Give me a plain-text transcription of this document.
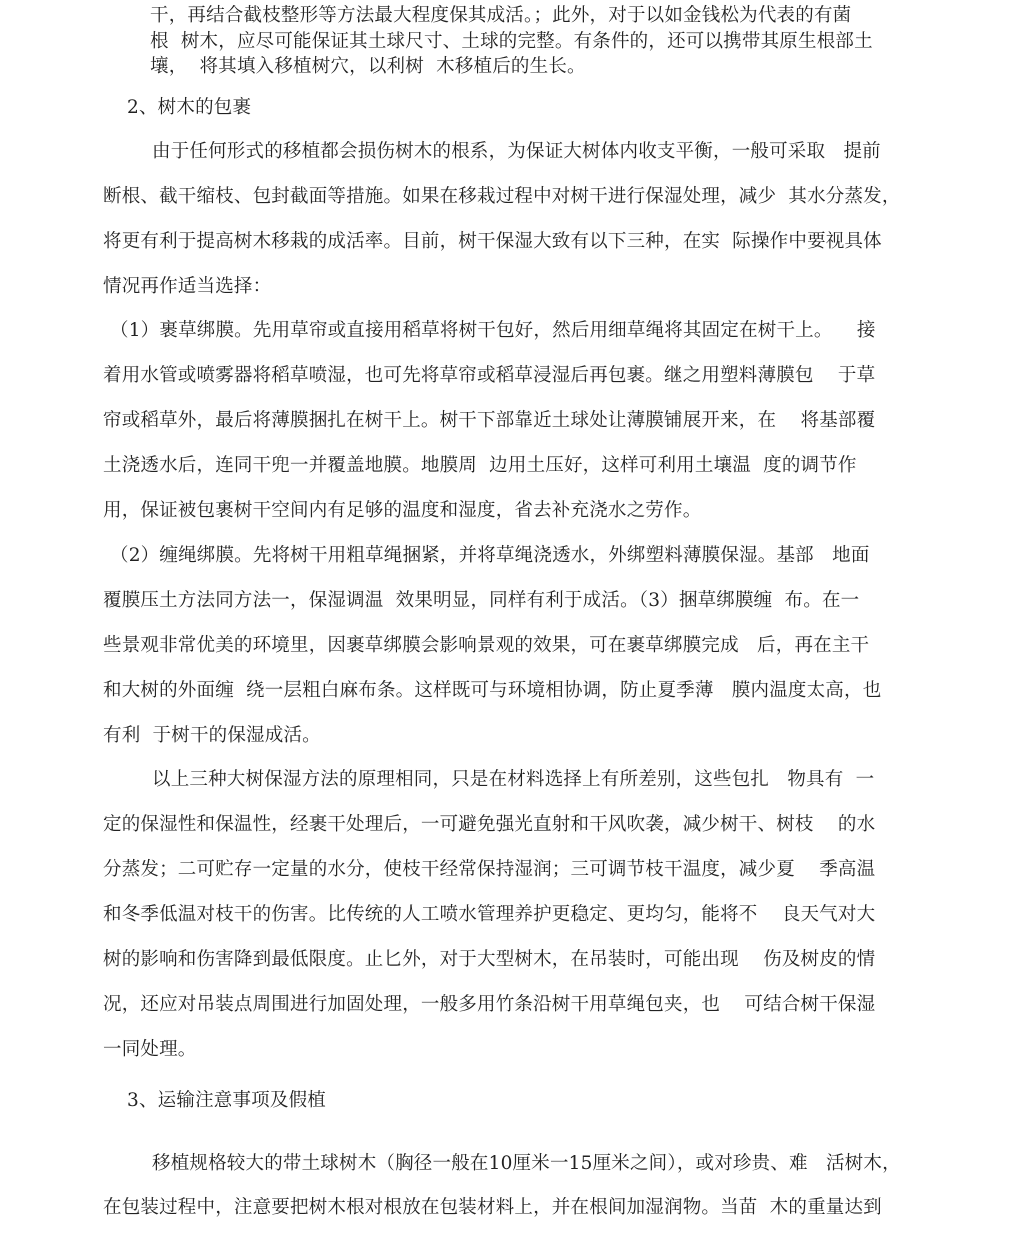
干，再结合截枝整形等方法最大程度保其成活。；此外，对于以如金钱松为代表的有菌
根  树木，应尽可能保证其土球尺寸、土球的完整。有条件的，还可以携带其原生根部土
壤，  将其填入移植树穴，以利树  木移植后的生长。
2、树木的包裹
由于任何形式的移植都会损伤树木的根系，为保证大树体内收支平衡，一般可采取   提前
断根、截干缩枝、包封截面等措施。如果在移栽过程中对树干进行保湿处理，减少  其水分蒸发，
将更有利于提高树木移栽的成活率。目前，树干保湿大致有以下三种，在实  际操作中要视具体
情况再作适当选择：
（1）裹草绑膜。先用草帘或直接用稻草将树干包好，然后用细草绳将其固定在树干上。    接
着用水管或喷雾器将稻草喷湿，也可先将草帘或稻草浸湿后再包裹。继之用塑料薄膜包    于草
帘或稻草外，最后将薄膜捆扎在树干上。树干下部靠近土球处让薄膜铺展开来，在    将基部覆
土浇透水后，连同干兜一并覆盖地膜。地膜周  边用土压好，这样可利用土壤温  度的调节作
用，保证被包裹树干空间内有足够的温度和湿度，省去补充浇水之劳作。
（2）缠绳绑膜。先将树干用粗草绳捆紧，并将草绳浇透水，外绑塑料薄膜保湿。基部   地面
覆膜压土方法同方法一，保湿调温  效果明显，同样有利于成活。（3）捆草绑膜缠  布。在一
些景观非常优美的环境里，因裹草绑膜会影响景观的效果，可在裹草绑膜完成   后，再在主干
和大树的外面缠  绕一层粗白麻布条。这样既可与环境相协调，防止夏季薄   膜内温度太高，也
有利  于树干的保湿成活。
以上三种大树保湿方法的原理相同，只是在材料选择上有所差别，这些包扎   物具有  一
定的保湿性和保温性，经裹干处理后，一可避免强光直射和干风吹袭，减少树干、树枝    的水
分蒸发；二可贮存一定量的水分，使枝干经常保持湿润；三可调节枝干温度，减少夏    季高温
和冬季低温对枝干的伤害。比传统的人工喷水管理养护更稳定、更均匀，能将不    良天气对大
树的影响和伤害降到最低限度。止匕外，对于大型树木，在吊装时，可能出现    伤及树皮的情
况，还应对吊装点周围进行加固处理，一般多用竹条沿树干用草绳包夹，也    可结合树干保湿
一同处理。
3、运输注意事项及假植
移植规格较大的带土球树木（胸径一般在10厘米一15厘米之间），或对珍贵、难   活树木，
在包装过程中，注意要把树木根对根放在包装材料上，并在根间加湿润物。当苗  木的重量达到
